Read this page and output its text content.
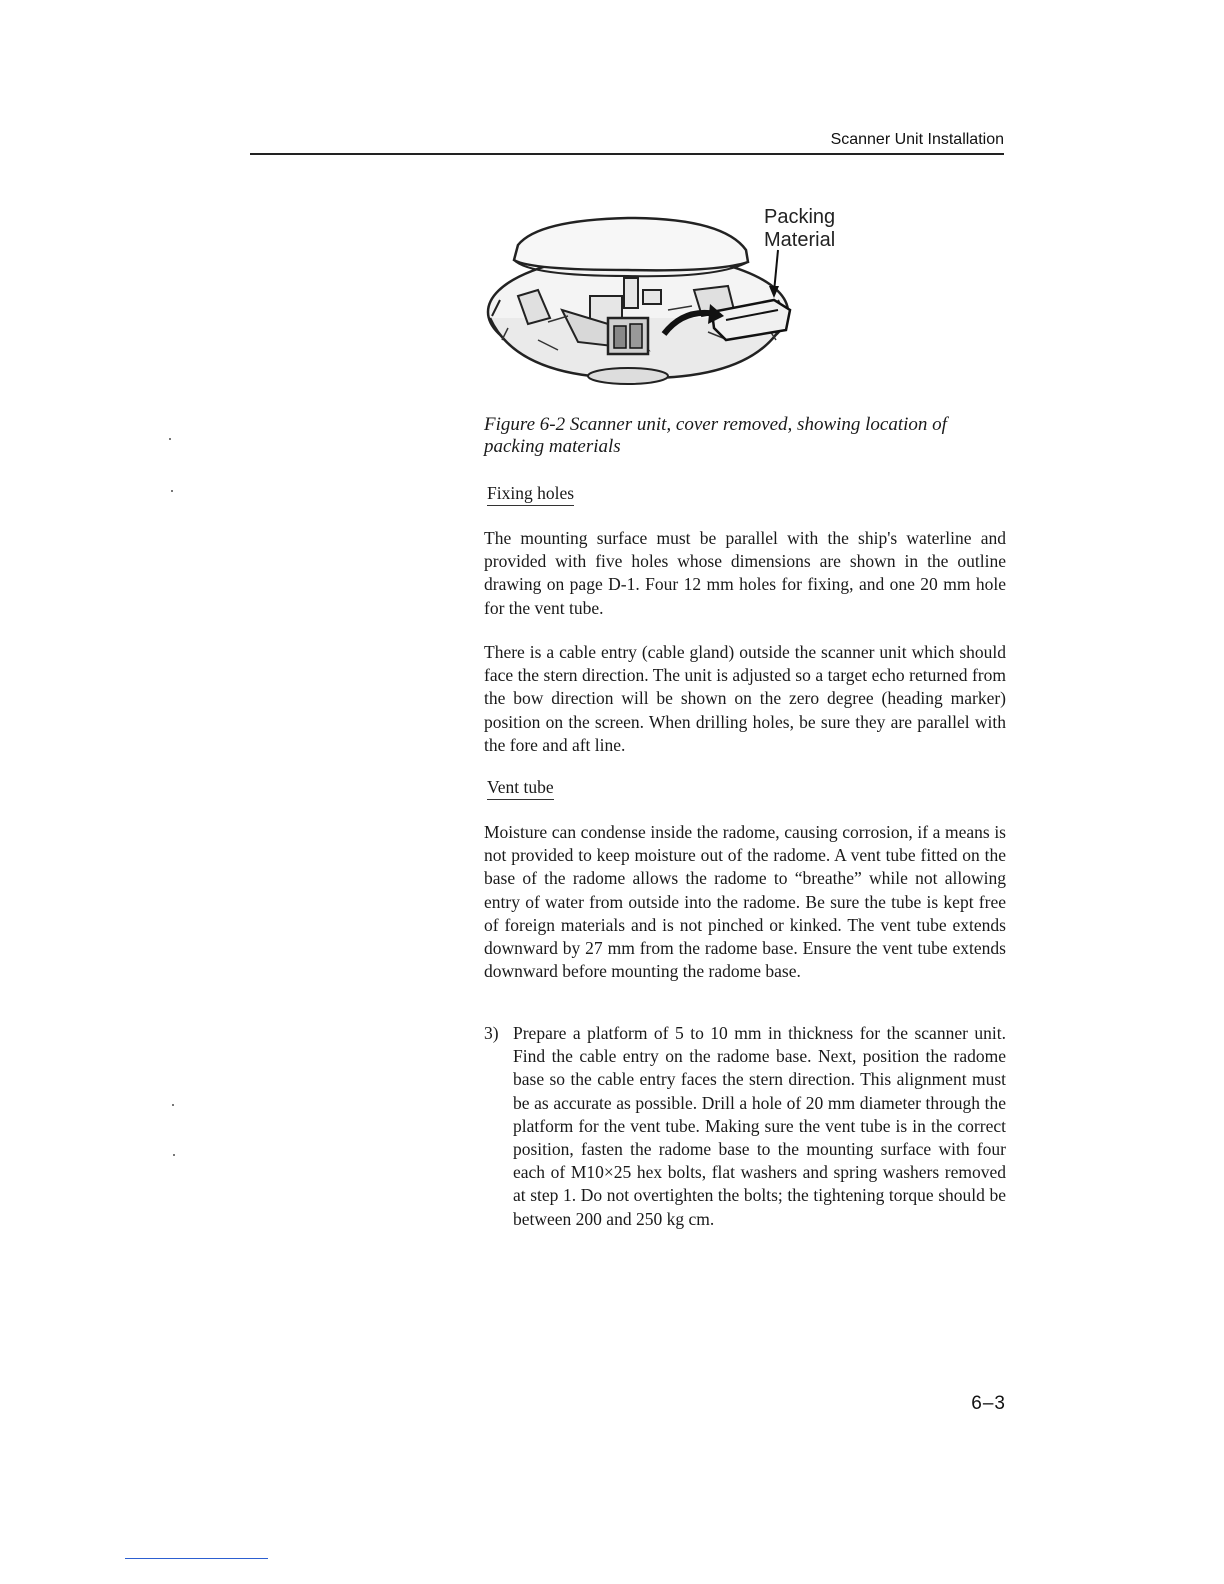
Scanner Unit Installation
Packing
Material
Figure 6-2 Scanner unit, cover removed, showing location of packing materials
Fixing holes
The mounting surface must be parallel with the ship's waterline and provided with five holes whose dimensions are shown in the outline drawing on page D-1. Four 12 mm holes for fixing, and one 20 mm hole for the vent tube.
There is a cable entry (cable gland) outside the scanner unit which should face the stern direction. The unit is adjusted so a target echo returned from the bow direction will be shown on the zero degree (heading marker) position on the screen. When drilling holes, be sure they are parallel with the fore and aft line.
Vent tube
Moisture can condense inside the radome, causing corrosion, if a means is not provided to keep moisture out of the radome. A vent tube fitted on the base of the radome allows the radome to “breathe” while not allowing entry of water from outside into the radome. Be sure the tube is kept free of foreign materials and is not pinched or kinked. The vent tube extends downward by 27 mm from the radome base. Ensure the vent tube extends downward before mounting the radome base.
3) Prepare a platform of 5 to 10 mm in thickness for the scanner unit. Find the cable entry on the radome base. Next, position the radome base so the cable entry faces the stern direction. This alignment must be as accurate as possible. Drill a hole of 20 mm diameter through the platform for the vent tube. Making sure the vent tube is in the correct position, fasten the radome base to the mounting surface with four each of M10×25 hex bolts, flat washers and spring washers removed at step 1. Do not overtighten the bolts; the tightening torque should be between 200 and 250 kg cm.
6–3
